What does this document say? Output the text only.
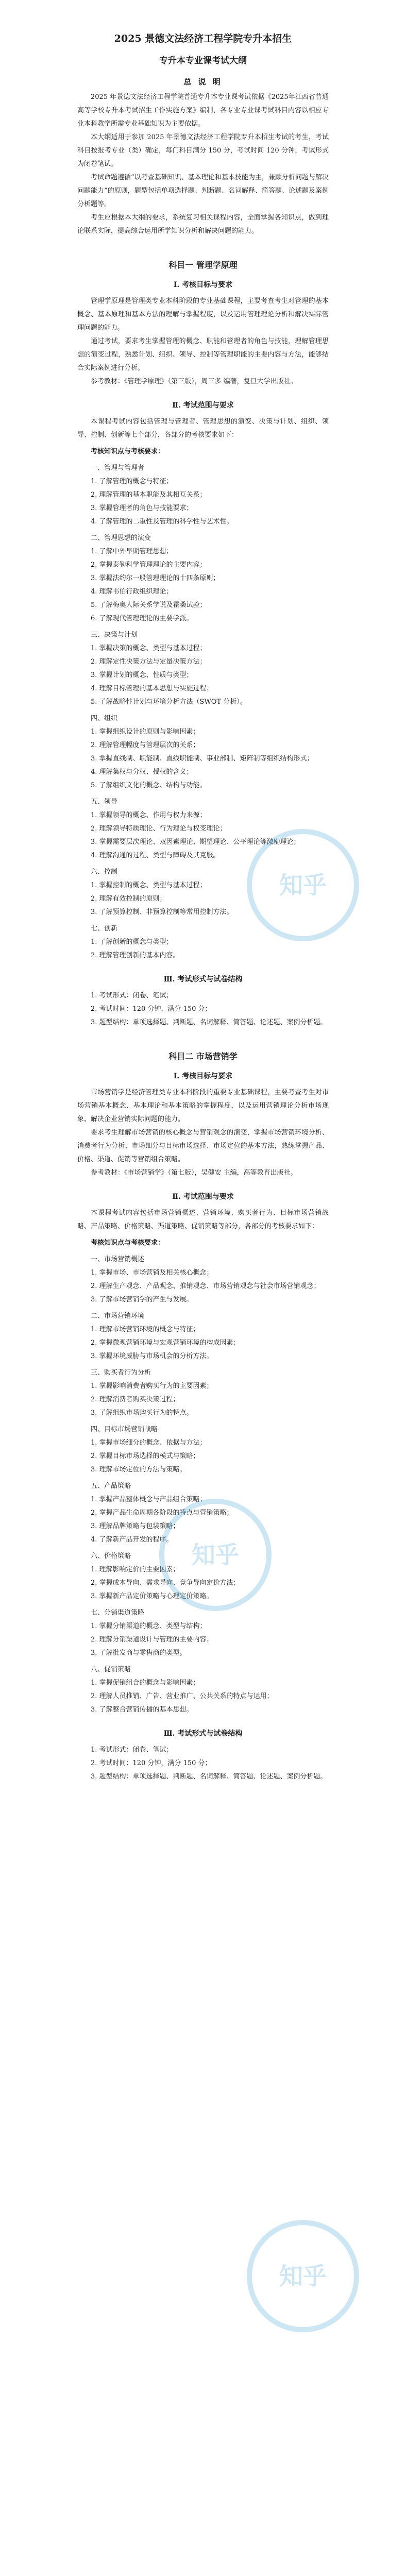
2025 景德文法经济工程学院专升本招生
专升本专业课考试大纲
总 说 明

2025 年景德文法经济工程学院普通专升本专业课考试依据《2025年江西省普通高等学校专升本考试招生工作实施方案》编制，各专业专业课考试科目内容以相应专业本科教学所需专业基础知识为主要依据。

本大纲适用于参加 2025 年景德文法经济工程学院专升本招生考试的考生，考试科目按报考专业（类）确定，每门科目满分 150 分，考试时间 120 分钟，考试形式为闭卷笔试。

考试命题遵循“以考查基础知识、基本理论和基本技能为主，兼顾分析问题与解决问题能力”的原则，题型包括单项选择题、判断题、名词解释、简答题、论述题及案例分析题等。

考生应根据本大纲的要求，系统复习相关课程内容，全面掌握各知识点，做到理论联系实际，提高综合运用所学知识分析和解决问题的能力。

科目一 管理学原理
Ⅰ. 考核目标与要求

管理学原理是管理类专业本科阶段的专业基础课程，主要考查考生对管理的基本概念、基本原理和基本方法的理解与掌握程度，以及运用管理理论分析和解决实际管理问题的能力。

通过考试，要求考生掌握管理的概念、职能和管理者的角色与技能，理解管理思想的演变过程，熟悉计划、组织、领导、控制等管理职能的主要内容与方法，能够结合实际案例进行分析。

参考教材：《管理学原理》（第三版），周三多 编著，复旦大学出版社。

Ⅱ. 考试范围与要求

本课程考试内容包括管理与管理者、管理思想的演变、决策与计划、组织、领导、控制、创新等七个部分，各部分的考核要求如下：

考核知识点与考核要求：

一、管理与管理者

1. 了解管理的概念与特征；

2. 理解管理的基本职能及其相互关系；

3. 掌握管理者的角色与技能要求；

4. 了解管理的二重性及管理的科学性与艺术性。

二、管理思想的演变

1. 了解中外早期管理思想；

2. 掌握泰勒科学管理理论的主要内容；

3. 掌握法约尔一般管理理论的十四条原则；

4. 理解韦伯行政组织理论；

5. 了解梅奥人际关系学说及霍桑试验；

6. 了解现代管理理论的主要学派。

三、决策与计划

1. 掌握决策的概念、类型与基本过程；

2. 理解定性决策方法与定量决策方法；

3. 掌握计划的概念、性质与类型；

4. 理解目标管理的基本思想与实施过程；

5. 了解战略性计划与环境分析方法（SWOT 分析）。

四、组织

1. 掌握组织设计的原则与影响因素；

2. 理解管理幅度与管理层次的关系；

3. 掌握直线制、职能制、直线职能制、事业部制、矩阵制等组织结构形式；

4. 理解集权与分权、授权的含义；

5. 了解组织文化的概念、结构与功能。

五、领导

1. 掌握领导的概念、作用与权力来源；

2. 理解领导特质理论、行为理论与权变理论；

3. 掌握需要层次理论、双因素理论、期望理论、公平理论等激励理论；

4. 理解沟通的过程、类型与障碍及其克服。

六、控制

1. 掌握控制的概念、类型与基本过程；

2. 理解有效控制的原则；

3. 了解预算控制、非预算控制等常用控制方法。

七、创新

1. 了解创新的概念与类型；

2. 理解管理创新的基本内容。

Ⅲ. 考试形式与试卷结构

1. 考试形式：闭卷、笔试；

2. 考试时间：120 分钟，满分 150 分；

3. 题型结构：单项选择题、判断题、名词解释、简答题、论述题、案例分析题。

科目二 市场营销学
Ⅰ. 考核目标与要求

市场营销学是经济管理类专业本科阶段的重要专业基础课程，主要考查考生对市场营销基本概念、基本理论和基本策略的掌握程度，以及运用营销理论分析市场现象、解决企业营销实际问题的能力。

要求考生理解市场营销的核心概念与营销观念的演变，掌握市场营销环境分析、消费者行为分析、市场细分与目标市场选择、市场定位的基本方法，熟练掌握产品、价格、渠道、促销等营销组合策略。

参考教材：《市场营销学》（第七版），吴健安 主编，高等教育出版社。

Ⅱ. 考试范围与要求

本课程考试内容包括市场营销概述、营销环境、购买者行为、目标市场营销战略、产品策略、价格策略、渠道策略、促销策略等部分，各部分的考核要求如下：

考核知识点与考核要求：

一、市场营销概述

1. 掌握市场、市场营销及相关核心概念；

2. 理解生产观念、产品观念、推销观念、市场营销观念与社会市场营销观念；

3. 了解市场营销学的产生与发展。

二、市场营销环境

1. 理解市场营销环境的概念与特征；

2. 掌握微观营销环境与宏观营销环境的构成因素；

3. 掌握环境威胁与市场机会的分析方法。

三、购买者行为分析

1. 掌握影响消费者购买行为的主要因素；

2. 理解消费者购买决策过程；

3. 了解组织市场购买行为的特点。

四、目标市场营销战略

1. 掌握市场细分的概念、依据与方法；

2. 掌握目标市场选择的模式与策略；

3. 理解市场定位的方法与策略。

五、产品策略

1. 掌握产品整体概念与产品组合策略；

2. 掌握产品生命周期各阶段的特点与营销策略；

3. 理解品牌策略与包装策略；

4. 了解新产品开发的程序。

六、价格策略

1. 理解影响定价的主要因素；

2. 掌握成本导向、需求导向、竞争导向定价方法；

3. 掌握新产品定价策略与心理定价策略。

七、分销渠道策略

1. 掌握分销渠道的概念、类型与结构；

2. 理解分销渠道设计与管理的主要内容；

3. 了解批发商与零售商的类型。

八、促销策略

1. 掌握促销组合的概念与影响因素；

2. 理解人员推销、广告、营业推广、公共关系的特点与运用；

3. 了解整合营销传播的基本思想。

Ⅲ. 考试形式与试卷结构

1. 考试形式：闭卷、笔试；

2. 考试时间：120 分钟，满分 150 分；

3. 题型结构：单项选择题、判断题、名词解释、简答题、论述题、案例分析题。

知乎
知乎
知乎
